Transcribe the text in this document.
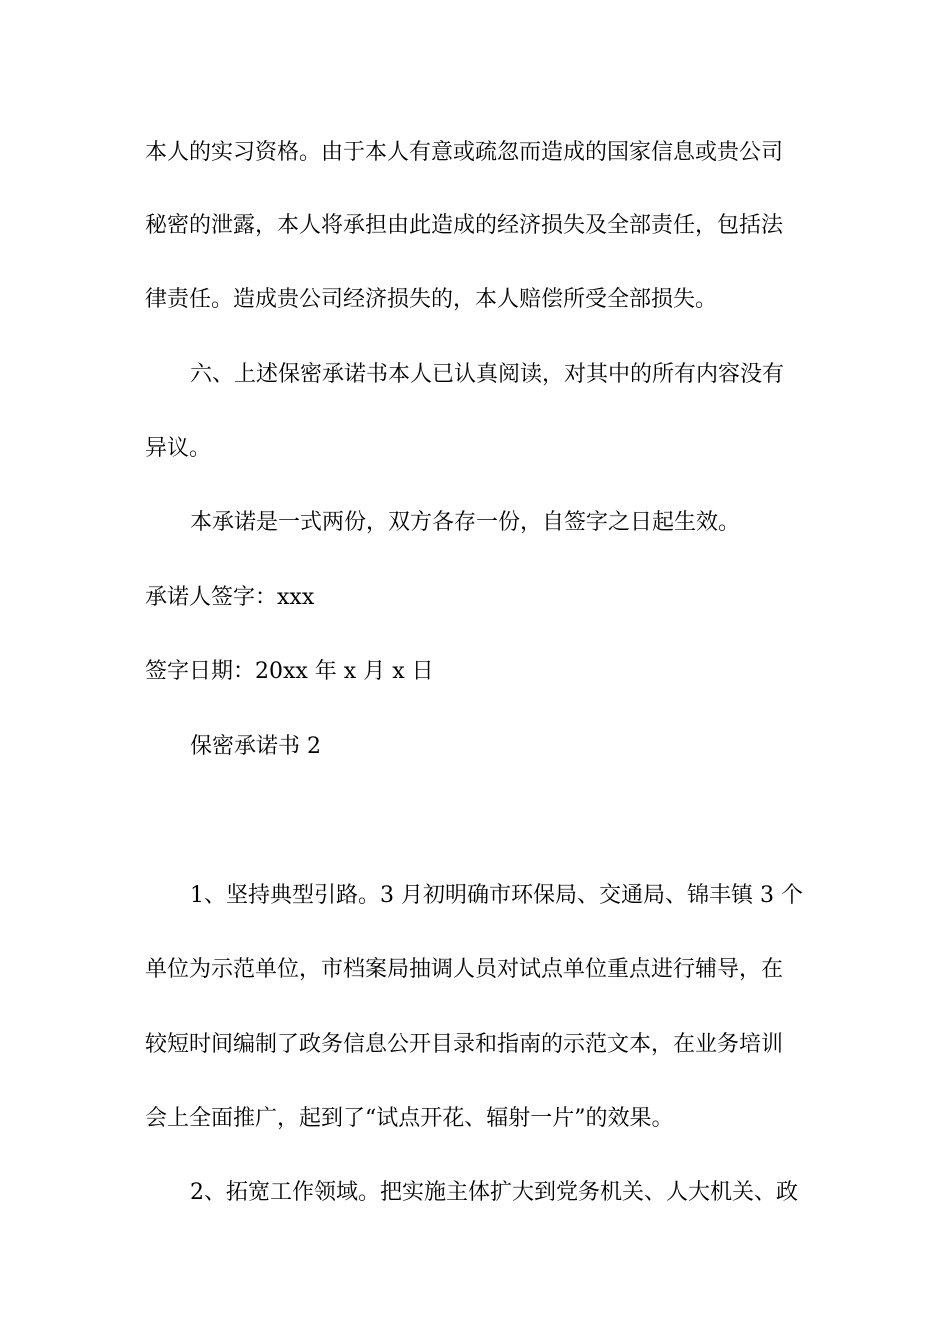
本人的实习资格。由于本人有意或疏忽而造成的国家信息或贵公司
秘密的泄露，本人将承担由此造成的经济损失及全部责任，包括法
律责任。造成贵公司经济损失的，本人赔偿所受全部损失。
六、上述保密承诺书本人已认真阅读，对其中的所有内容没有
异议。
本承诺是一式两份，双方各存一份，自签字之日起生效。
承诺人签字：xxx
签字日期：20xx 年 x 月 x 日
保密承诺书 2
1、坚持典型引路。3 月初明确市环保局、交通局、锦丰镇 3 个
单位为示范单位，市档案局抽调人员对试点单位重点进行辅导，在
较短时间编制了政务信息公开目录和指南的示范文本，在业务培训
会上全面推广，起到了“试点开花、辐射一片”的效果。
2、拓宽工作领域。把实施主体扩大到党务机关、人大机关、政
